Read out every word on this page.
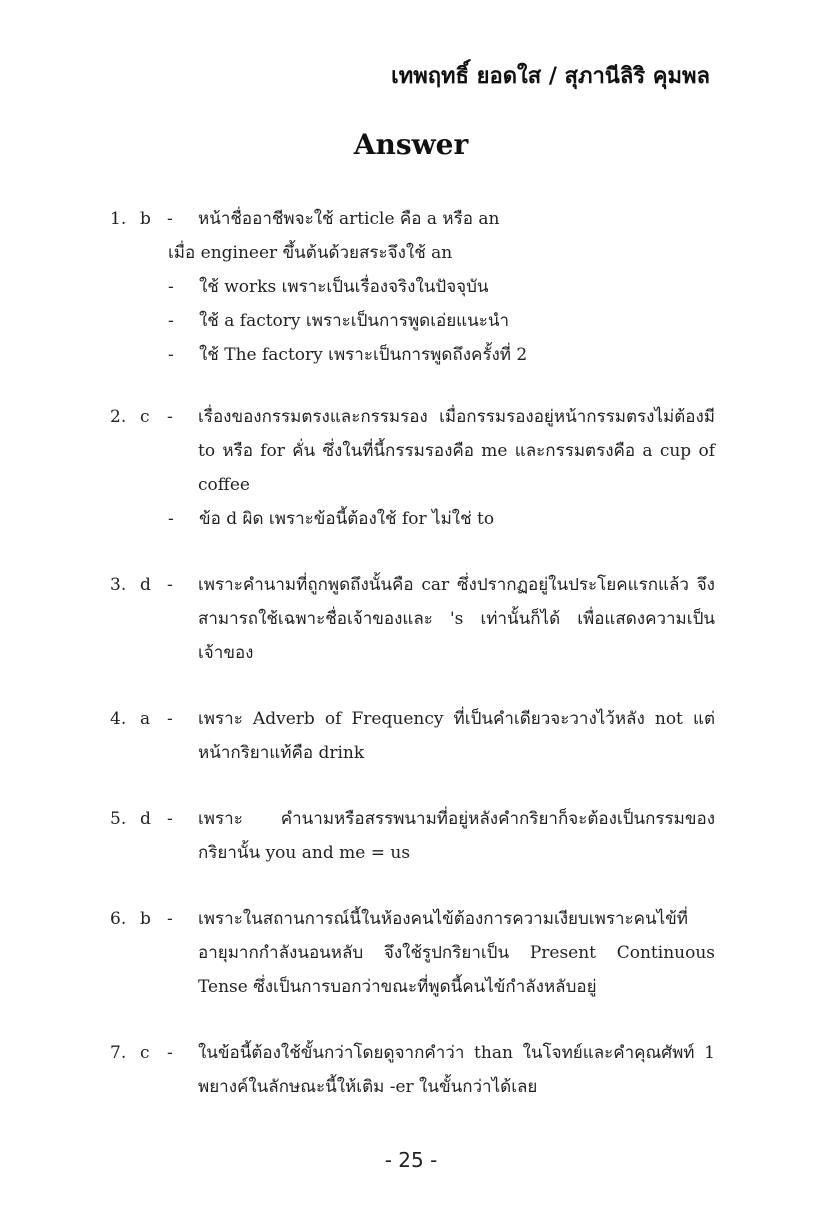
เทพฤทธิ์ ยอดใส / สุภานีลิริ คุมพล
Answer
1. b -	หน้าชื่ออาชีพจะใช้ article คือ a หรือ an
เมื่อ engineer ขึ้นต้นด้วยสระจึงใช้ an
-	ใช้ works เพราะเป็นเรื่องจริงในปัจจุบัน
-	ใช้ a factory เพราะเป็นการพูดเอ่ยแนะนำ
-	ใช้ The factory เพราะเป็นการพูดถึงครั้งที่ 2
2. c	-	เรื่องของกรรมตรงและกรรมรอง เมื่อกรรมรองอยู่หน้ากรรมตรงไม่ต้องมี to หรือ for คั่น ซึ่งในที่นี้กรรมรองคือ me และกรรมตรงคือ a cup of coffee
-	ข้อ d ผิด เพราะข้อนี้ต้องใช้ for ไม่ใช่ to
3. d -	เพราะคำนามที่ถูกพูดถึงนั้นคือ car ซึ่งปรากฏอยู่ในประโยคแรกแล้ว จึงสามารถใช้เฉพาะชื่อเจ้าของและ 's เท่านั้นก็ได้ เพื่อแสดงความเป็นเจ้าของ
4. a -	เพราะ Adverb of Frequency ที่เป็นคำเดียวจะวางไว้หลัง not แต่หน้ากริยาแท้คือ drink
5. d -	เพราะ คำนามหรือสรรพนามที่อยู่หลังคำกริยาก็จะต้องเป็นกรรมของกริยานั้น you and me = us
6. b -	เพราะในสถานการณ์นี้ในห้องคนไข้ต้องการความเงียบเพราะคนไข้ที่อายุมากกำลังนอนหลับ จึงใช้รูปกริยาเป็น Present Continuous Tense ซึ่งเป็นการบอกว่าขณะที่พูดนี้คนไข้กำลังหลับอยู่
7. c	-	ในข้อนี้ต้องใช้ขั้นกว่าโดยดูจากคำว่า than ในโจทย์และคำคุณศัพท์ 1 พยางค์ในลักษณะนี้ให้เติม -er ในขั้นกว่าได้เลย
- 25 -
